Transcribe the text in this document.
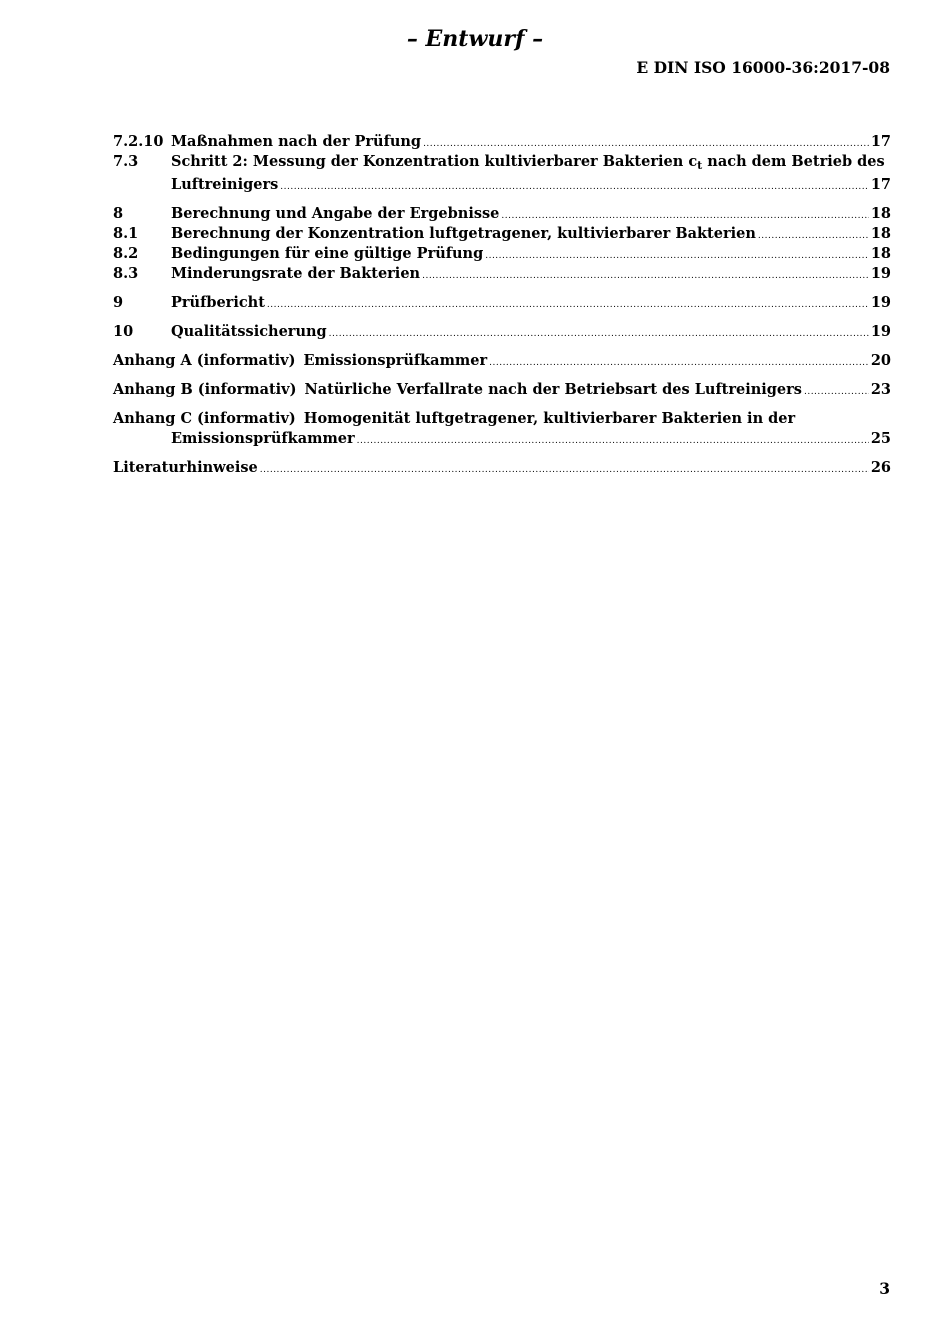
– Entwurf –
E DIN ISO 16000-36:2017-08
7.2.10 Maßnahmen nach der Prüfung .....	17
7.3	Schritt 2: Messung der Konzentration kultivierbarer Bakterien $c_t$ nach dem Betrieb des
Luftreinigers .....	17
8	Berechnung und Angabe der Ergebnisse .....	18
8.1	Berechnung der Konzentration luftgetragener, kultivierbarer Bakterien .....	18
8.2	Bedingungen für eine gültige Prüfung .....	18
8.3	Minderungsrate der Bakterien .....	19
9	Prüfbericht .....	19
10	Qualitätssicherung .....	19
Anhang A (informativ) Emissionsprüfkammer .....	20
Anhang B (informativ) Natürliche Verfallrate nach der Betriebsart des Luftreinigers .....	23
Anhang C (informativ) Homogenität luftgetragener, kultivierbarer Bakterien in der
Emissionsprüfkammer .....	25
Literaturhinweise .....	26
3
